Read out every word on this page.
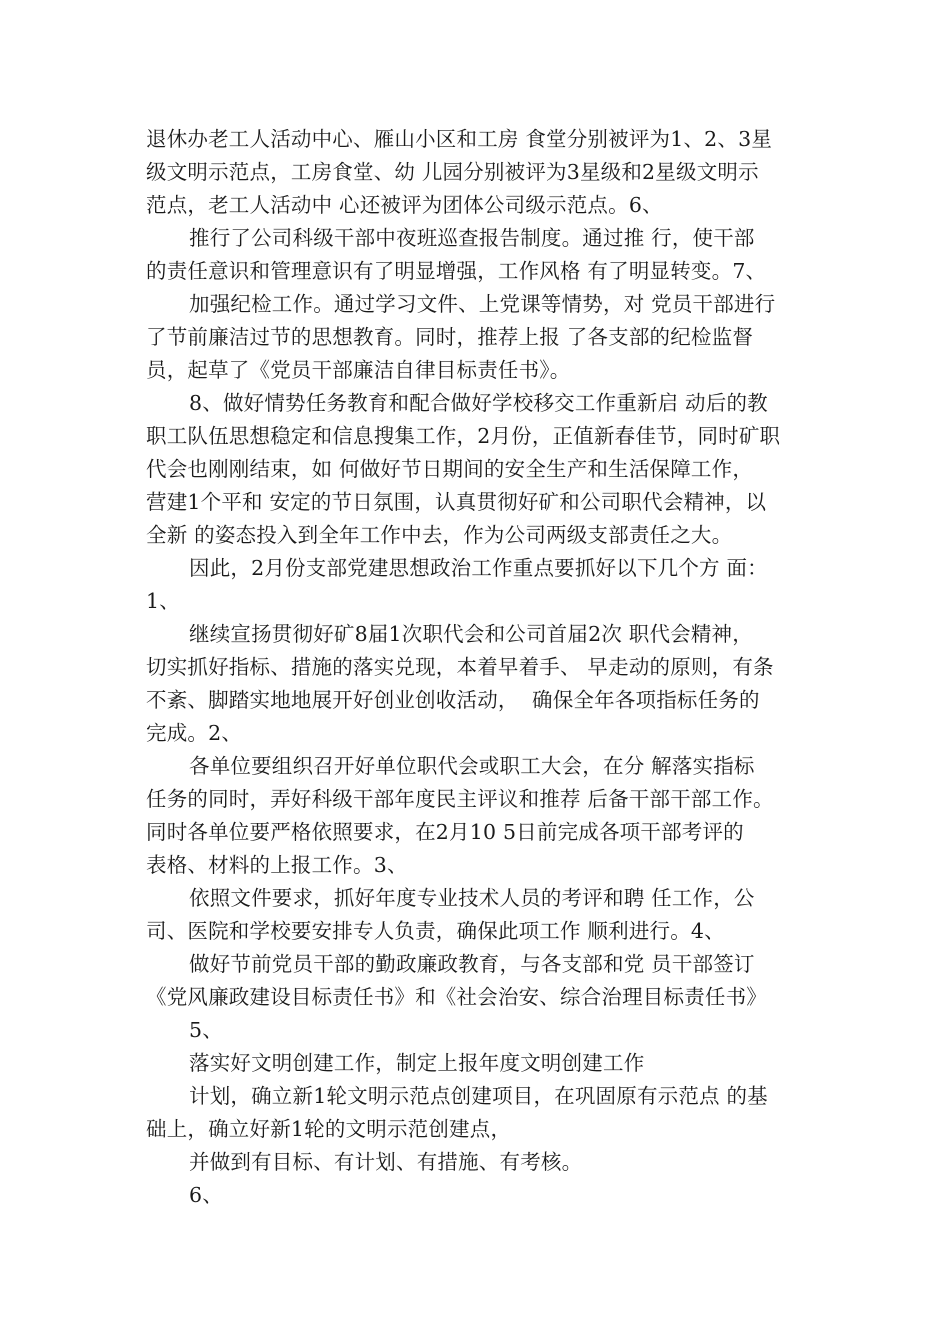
退休办老工人活动中心、雁山小区和工房 食堂分别被评为1、2、3星
级文明示范点，工房食堂、幼 儿园分别被评为3星级和2星级文明示
范点，老工人活动中 心还被评为团体公司级示范点。6、
推行了公司科级干部中夜班巡查报告制度。通过推 行，使干部
的责任意识和管理意识有了明显增强，工作风格 有了明显转变。7、
加强纪检工作。通过学习文件、上党课等情势，对 党员干部进行
了节前廉洁过节的思想教育。同时，推荐上报 了各支部的纪检监督
员，起草了《党员干部廉洁自律目标责任书》。
8、做好情势任务教育和配合做好学校移交工作重新启 动后的教
职工队伍思想稳定和信息搜集工作，2月份，正值新春佳节，同时矿职
代会也刚刚结束，如 何做好节日期间的安全生产和生活保障工作，
营建1个平和 安定的节日氛围，认真贯彻好矿和公司职代会精神，以
全新 的姿态投入到全年工作中去，作为公司两级支部责任之大。
因此，2月份支部党建思想政治工作重点要抓好以下几个方 面：
1、
继续宣扬贯彻好矿8届1次职代会和公司首届2次 职代会精神，
切实抓好指标、措施的落实兑现，本着早着手、 早走动的原则，有条
不紊、脚踏实地地展开好创业创收活动，  确保全年各项指标任务的
完成。2、
各单位要组织召开好单位职代会或职工大会，在分 解落实指标
任务的同时，弄好科级干部年度民主评议和推荐 后备干部干部工作。
同时各单位要严格依照要求，在2月10 5日前完成各项干部考评的
表格、材料的上报工作。3、
依照文件要求，抓好年度专业技术人员的考评和聘 任工作，公
司、医院和学校要安排专人负责，确保此项工作 顺利进行。4、
做好节前党员干部的勤政廉政教育，与各支部和党 员干部签订
《党风廉政建设目标责任书》和《社会治安、综合治理目标责任书》
5、
落实好文明创建工作，制定上报年度文明创建工作
计划，确立新1轮文明示范点创建项目，在巩固原有示范点 的基
础上，确立好新1轮的文明示范创建点，
并做到有目标、有计划、有措施、有考核。
6、
